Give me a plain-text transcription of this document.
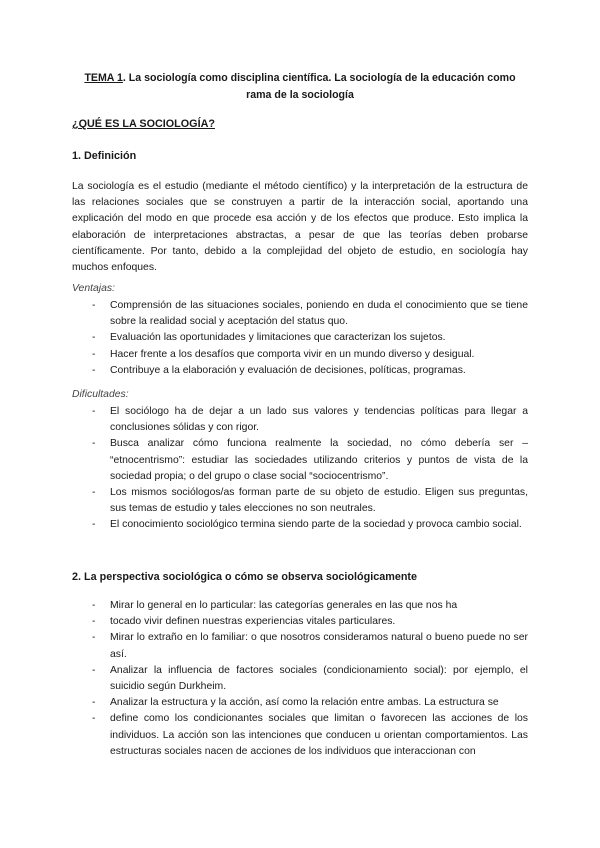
TEMA 1. La sociología como disciplina científica. La sociología de la educación como
rama de la sociología
¿QUÉ ES LA SOCIOLOGÍA?
1. Definición

La sociología es el estudio (mediante el método científico) y la interpretación de la estructura de las relaciones sociales que se construyen a partir de la interacción social, aportando una explicación del modo en que procede esa acción y de los efectos que produce. Esto implica la elaboración de interpretaciones abstractas, a pesar de que las teorías deben probarse científicamente. Por tanto, debido a la complejidad del objeto de estudio, en sociología hay muchos enfoques.

Ventajas:
- Comprensión de las situaciones sociales, poniendo en duda el conocimiento que se tiene sobre la realidad social y aceptación del status quo.
- Evaluación las oportunidades y limitaciones que caracterizan los sujetos.
- Hacer frente a los desafíos que comporta vivir en un mundo diverso y desigual.
- Contribuye a la elaboración y evaluación de decisiones, políticas, programas.
Dificultades:
- El sociólogo ha de dejar a un lado sus valores y tendencias políticas para llegar a conclusiones sólidas y con rigor.
- Busca analizar cómo funciona realmente la sociedad, no cómo debería ser – “etnocentrismo”: estudiar las sociedades utilizando criterios y puntos de vista de la sociedad propia; o del grupo o clase social “sociocentrismo”.
- Los mismos sociólogos/as forman parte de su objeto de estudio. Eligen sus preguntas, sus temas de estudio y tales elecciones no son neutrales.
- El conocimiento sociológico termina siendo parte de la sociedad y provoca cambio social.
2. La perspectiva sociológica o cómo se observa sociológicamente
- Mirar lo general en lo particular: las categorías generales en las que nos ha
- tocado vivir definen nuestras experiencias vitales particulares.
- Mirar lo extraño en lo familiar: o que nosotros consideramos natural o bueno puede no ser así.
- Analizar la influencia de factores sociales (condicionamiento social): por ejemplo, el suicidio según Durkheim.
- Analizar la estructura y la acción, así como la relación entre ambas. La estructura se
- define como los condicionantes sociales que limitan o favorecen las acciones de los individuos. La acción son las intenciones que conducen u orientan comportamientos. Las estructuras sociales nacen de acciones de los individuos que interaccionan con
